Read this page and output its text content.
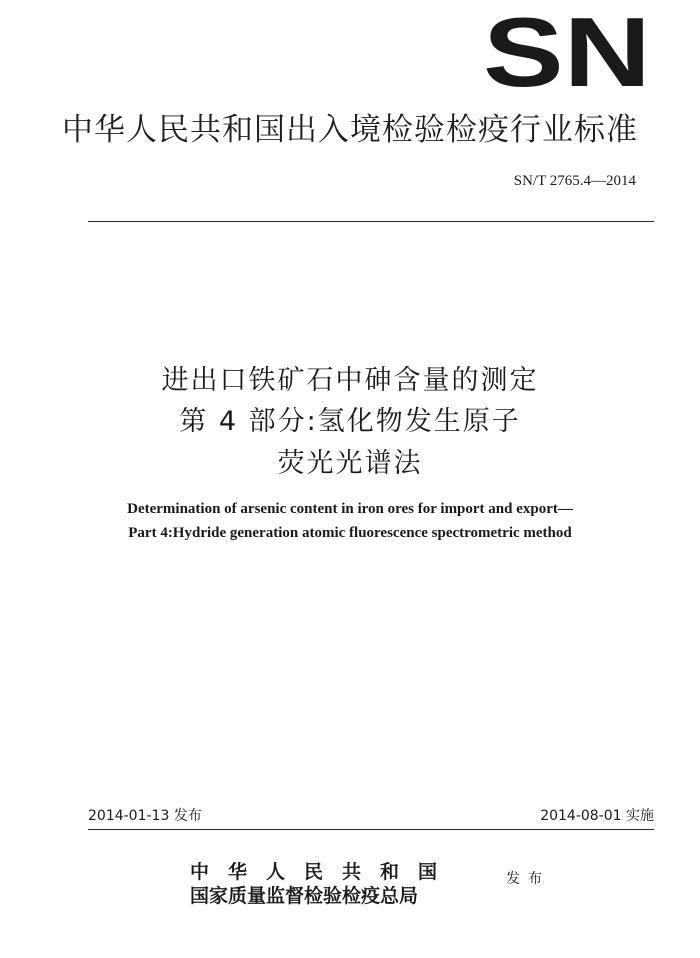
SN
中华人民共和国出入境检验检疫行业标准
SN/T 2765.4—2014
进出口铁矿石中砷含量的测定
第 4 部分:氢化物发生原子
荧光光谱法
Determination of arsenic content in iron ores for import and export—
Part 4:Hydride generation atomic fluorescence spectrometric method
2014-01-13 发布	2014-08-01 实施
中华人民共和国
国家质量监督检验检疫总局
发布
